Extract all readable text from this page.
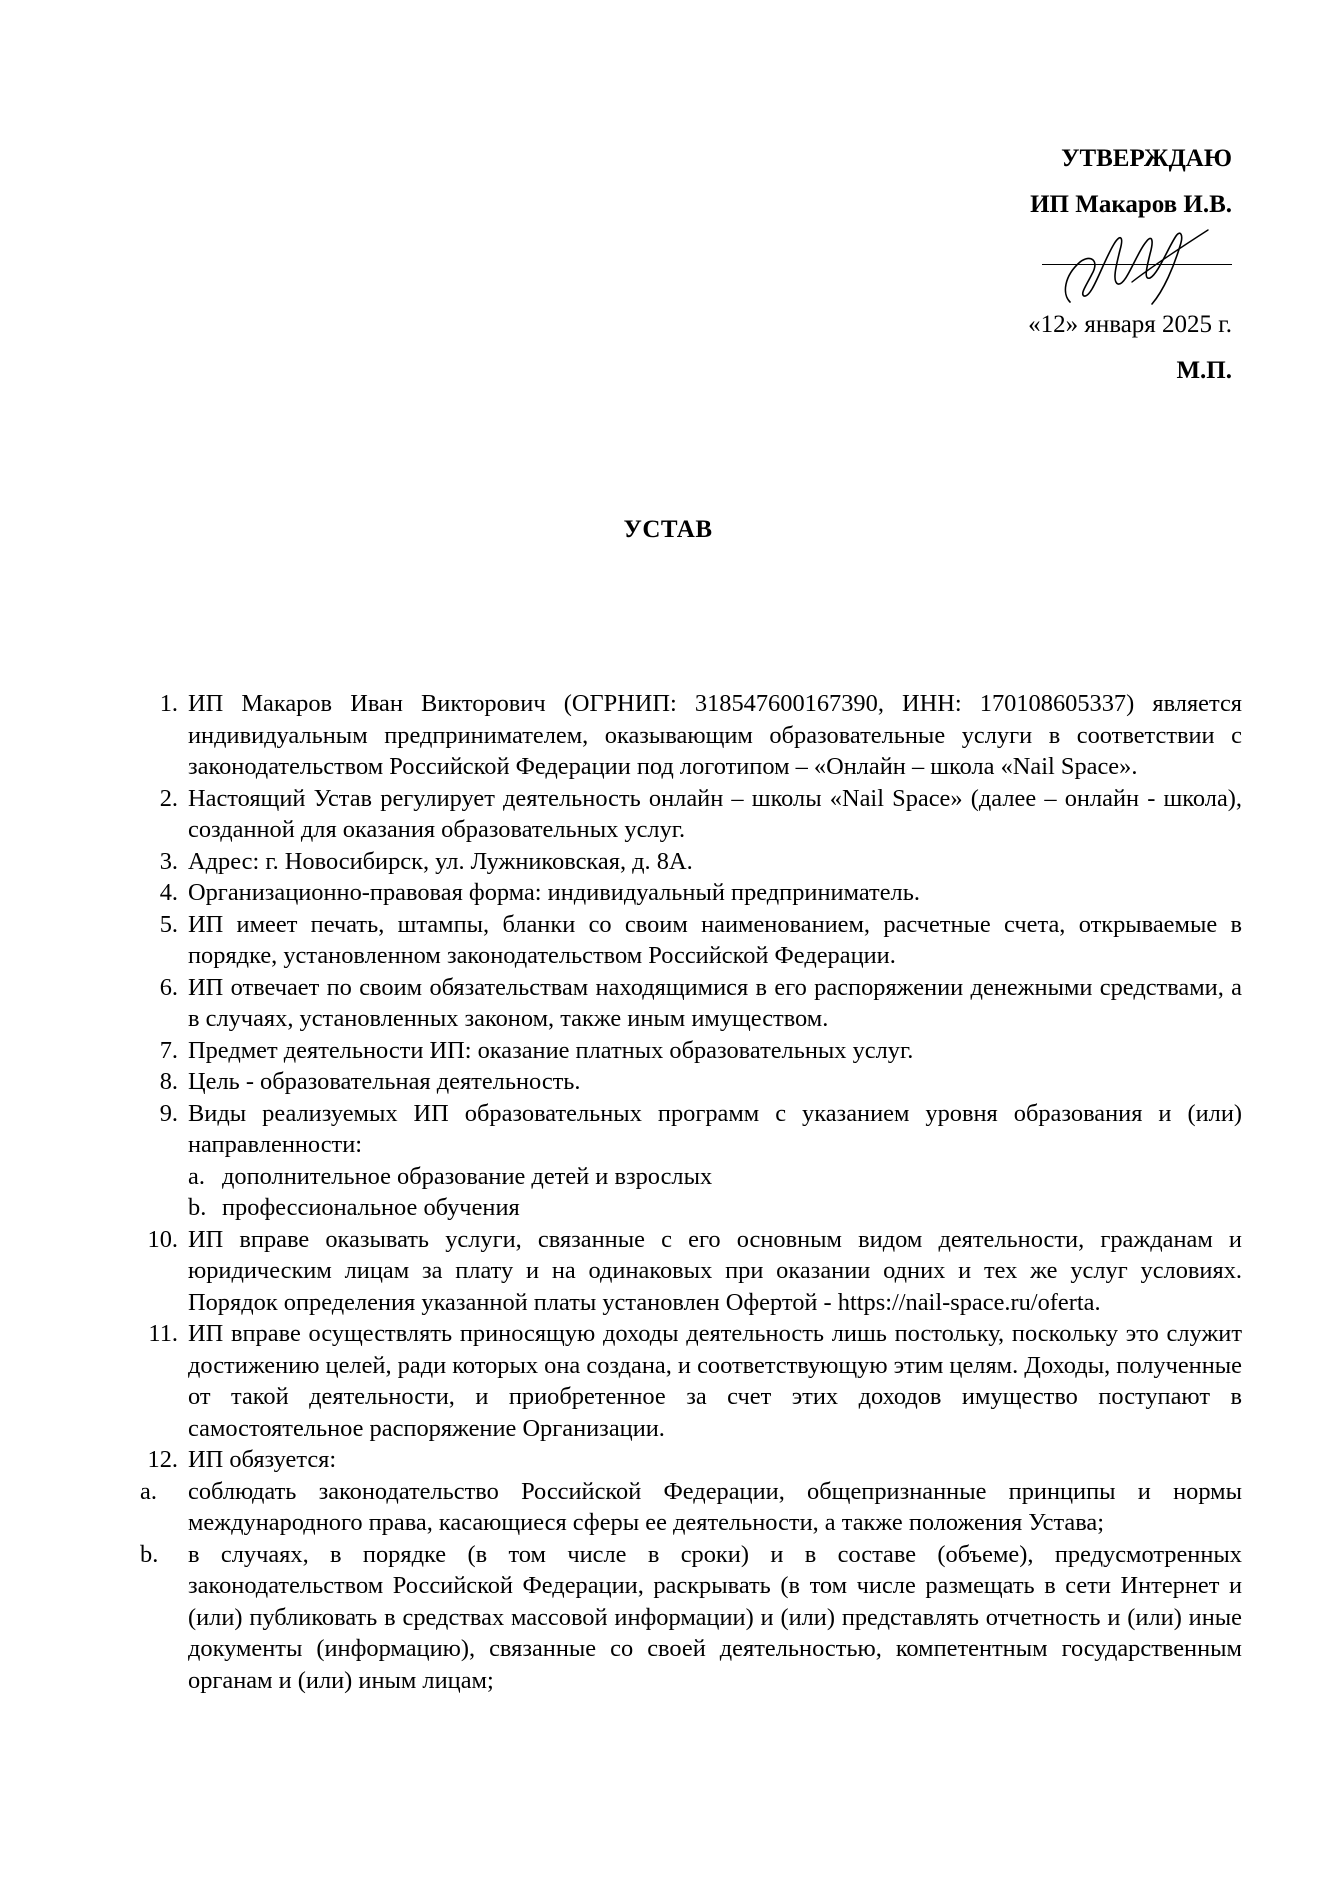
УТВЕРЖДАЮ
ИП Макаров И.В.
«12» января 2025 г.
М.П.
УСТАВ
1. ИП Макаров Иван Викторович (ОГРНИП: 318547600167390, ИНН: 170108605337) является индивидуальным предпринимателем, оказывающим образовательные услуги в соответствии с законодательством Российской Федерации под логотипом – «Онлайн – школа «Nail Space».
2. Настоящий Устав регулирует деятельность онлайн – школы «Nail Space» (далее – онлайн - школа), созданной для оказания образовательных услуг.
3. Адрес: г. Новосибирск, ул. Лужниковская, д. 8А.
4. Организационно-правовая форма: индивидуальный предприниматель.
5. ИП имеет печать, штампы, бланки со своим наименованием, расчетные счета, открываемые в порядке, установленном законодательством Российской Федерации.
6. ИП отвечает по своим обязательствам находящимися в его распоряжении денежными средствами, а в случаях, установленных законом, также иным имуществом.
7. Предмет деятельности ИП: оказание платных образовательных услуг.
8. Цель - образовательная деятельность.
9. Виды реализуемых ИП образовательных программ с указанием уровня образования и (или) направленности:
a. дополнительное образование детей и взрослых
b. профессиональное обучения
10. ИП вправе оказывать услуги, связанные с его основным видом деятельности, гражданам и юридическим лицам за плату и на одинаковых при оказании одних и тех же услуг условиях. Порядок определения указанной платы установлен Офертой - https://nail-space.ru/oferta.
11. ИП вправе осуществлять приносящую доходы деятельность лишь постольку, поскольку это служит достижению целей, ради которых она создана, и соответствующую этим целям. Доходы, полученные от такой деятельности, и приобретенное за счет этих доходов имущество поступают в самостоятельное распоряжение Организации.
12. ИП обязуется:
a. соблюдать законодательство Российской Федерации, общепризнанные принципы и нормы международного права, касающиеся сферы ее деятельности, а также положения Устава;
b. в случаях, в порядке (в том числе в сроки) и в составе (объеме), предусмотренных законодательством Российской Федерации, раскрывать (в том числе размещать в сети Интернет и (или) публиковать в средствах массовой информации) и (или) представлять отчетность и (или) иные документы (информацию), связанные со своей деятельностью, компетентным государственным органам и (или) иным лицам;
